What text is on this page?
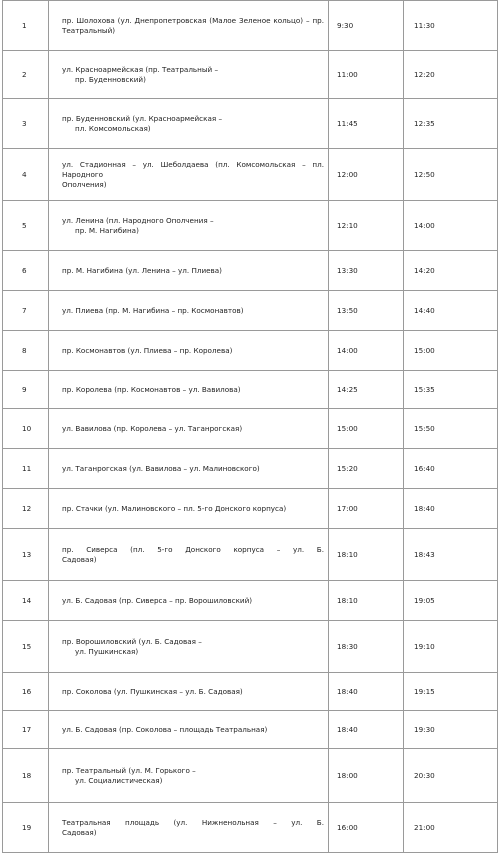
1	пр. Шолохова (ул. Днепропетровская (Малое Зеленое кольцо) – пр.
Театральный)	9:30	11:30
2	ул. Красноармейская (пр. Театральный –
пр. Буденновский)	11:00	12:20
3	пр. Буденновский (ул. Красноармейская –
пл. Комсомольская)	11:45	12:35
4	ул. Стадионная – ул. Шеболдаева (пл. Комсомольская – пл. Народного
Ополчения)	12:00	12:50
5	ул. Ленина (пл. Народного Ополчения –
пр. М. Нагибина)	12:10	14:00
6	пр. М. Нагибина (ул. Ленина – ул. Плиева)	13:30	14:20
7	ул. Плиева (пр. М. Нагибина – пр. Космонавтов)	13:50	14:40
8	пр. Космонавтов (ул. Плиева – пр. Королева)	14:00	15:00
9	пр. Королева (пр. Космонавтов – ул. Вавилова)	14:25	15:35
10	ул. Вавилова (пр. Королева – ул. Таганрогская)	15:00	15:50
11	ул. Таганрогская (ул. Вавилова – ул. Малиновского)	15:20	16:40
12	пр. Стачки (ул. Малиновского – пл. 5-го Донского корпуса)	17:00	18:40
13	пр. Сиверса (пл. 5-го Донского корпуса – ул. Б.
Садовая)	18:10	18:43
14	ул. Б. Садовая (пр. Сиверса – пр. Ворошиловский)	18:10	19:05
15	пр. Ворошиловский (ул. Б. Садовая –
ул. Пушкинская)	18:30	19:10
16	пр. Соколова (ул. Пушкинская – ул. Б. Садовая)	18:40	19:15
17	ул. Б. Садовая (пр. Соколова – площадь Театральная)	18:40	19:30
18	пр. Театральный (ул. М. Горького –
ул. Социалистическая)	18:00	20:30
19	Театральная площадь (ул. Нижненольная – ул. Б.
Садовая)	16:00	21:00
